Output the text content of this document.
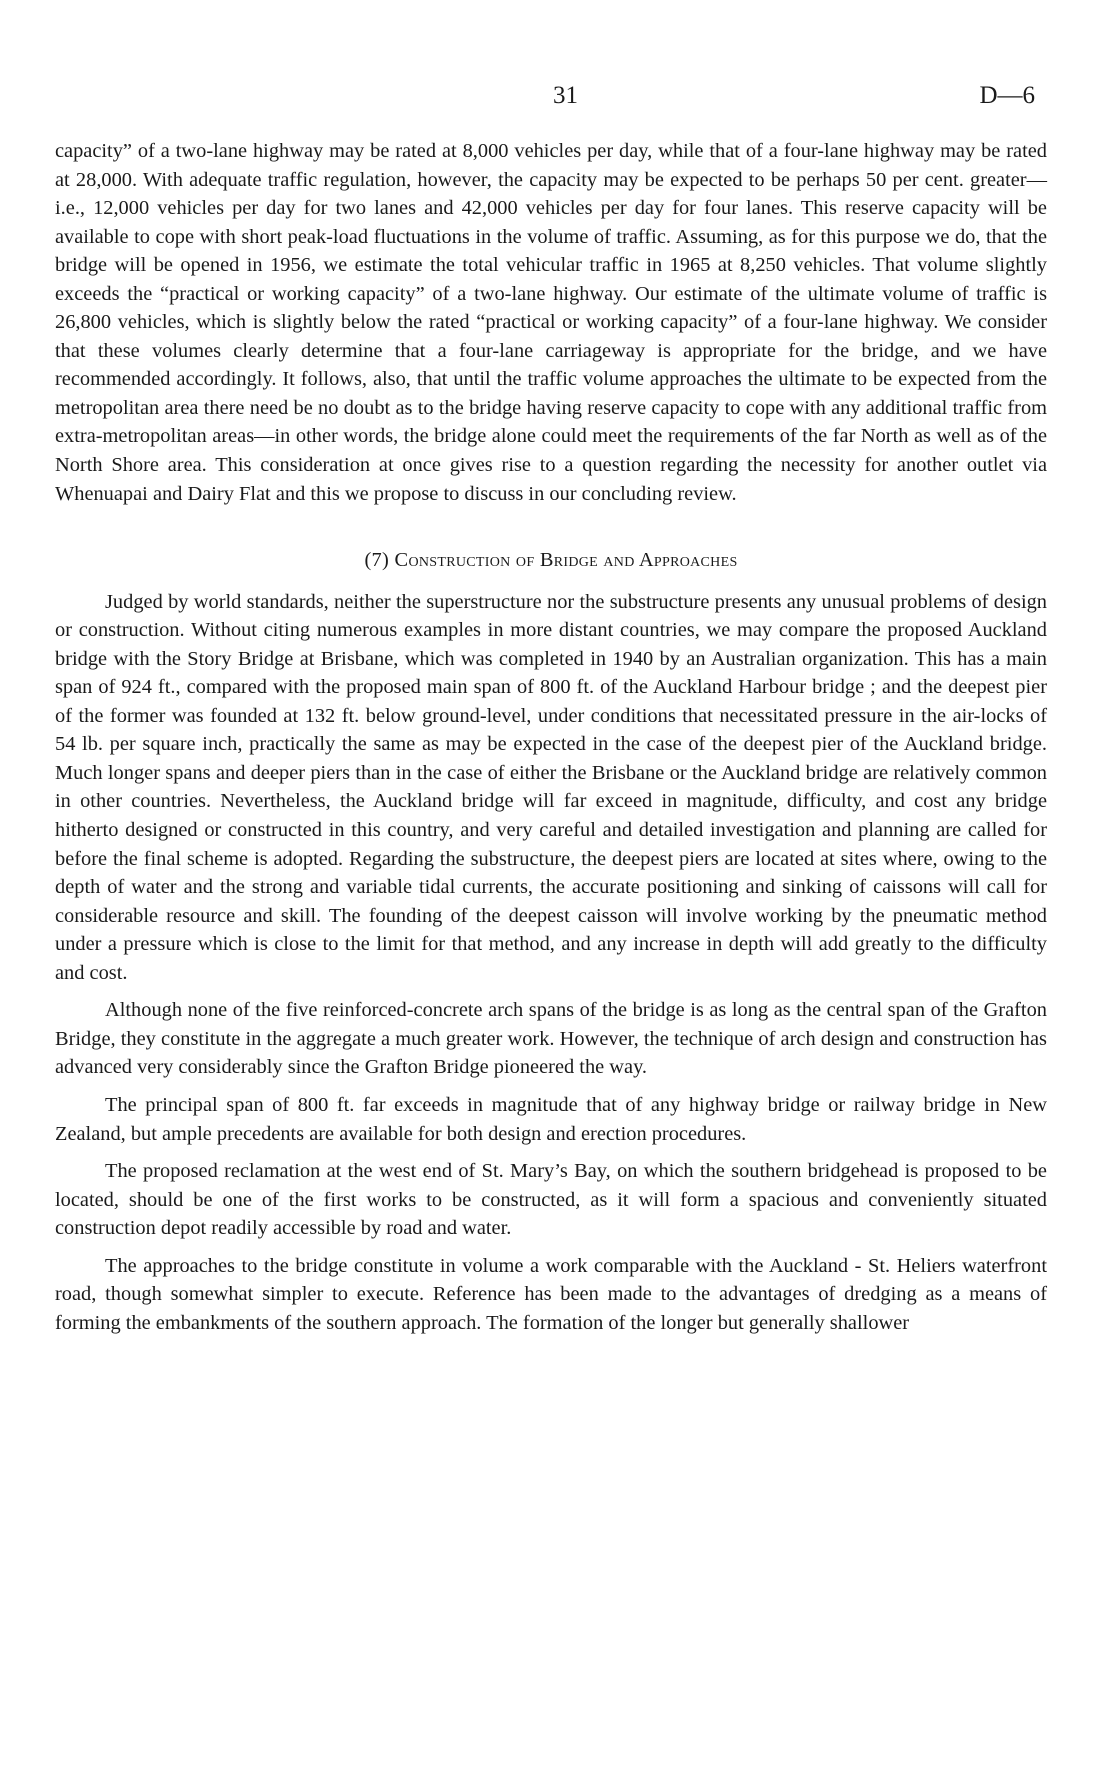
31	D—6

capacity” of a two-lane highway may be rated at 8,000 vehicles per day, while that of a four-lane highway may be rated at 28,000. With adequate traffic regulation, however, the capacity may be expected to be perhaps 50 per cent. greater—i.e., 12,000 vehicles per day for two lanes and 42,000 vehicles per day for four lanes. This reserve capacity will be available to cope with short peak-load fluctuations in the volume of traffic. Assuming, as for this purpose we do, that the bridge will be opened in 1956, we estimate the total vehicular traffic in 1965 at 8,250 vehicles. That volume slightly exceeds the “practical or working capacity” of a two-lane highway. Our estimate of the ultimate volume of traffic is 26,800 vehicles, which is slightly below the rated “practical or working capacity” of a four-lane highway. We consider that these volumes clearly determine that a four-lane carriageway is appropriate for the bridge, and we have recommended accordingly. It follows, also, that until the traffic volume approaches the ultimate to be expected from the metropolitan area there need be no doubt as to the bridge having reserve capacity to cope with any additional traffic from extra-metropolitan areas—in other words, the bridge alone could meet the requirements of the far North as well as of the North Shore area. This consideration at once gives rise to a question regarding the necessity for another outlet via Whenuapai and Dairy Flat and this we propose to discuss in our concluding review.

(7) Construction of Bridge and Approaches

Judged by world standards, neither the superstructure nor the substructure presents any unusual problems of design or construction. Without citing numerous examples in more distant countries, we may compare the proposed Auckland bridge with the Story Bridge at Brisbane, which was completed in 1940 by an Australian organization. This has a main span of 924 ft., compared with the proposed main span of 800 ft. of the Auckland Harbour bridge ; and the deepest pier of the former was founded at 132 ft. below ground-level, under conditions that necessitated pressure in the air-locks of 54 lb. per square inch, practically the same as may be expected in the case of the deepest pier of the Auckland bridge. Much longer spans and deeper piers than in the case of either the Brisbane or the Auckland bridge are relatively common in other countries. Nevertheless, the Auckland bridge will far exceed in magnitude, difficulty, and cost any bridge hitherto designed or constructed in this country, and very careful and detailed investigation and planning are called for before the final scheme is adopted. Regarding the substructure, the deepest piers are located at sites where, owing to the depth of water and the strong and variable tidal currents, the accurate positioning and sinking of caissons will call for considerable resource and skill. The founding of the deepest caisson will involve working by the pneumatic method under a pressure which is close to the limit for that method, and any increase in depth will add greatly to the difficulty and cost.

Although none of the five reinforced-concrete arch spans of the bridge is as long as the central span of the Grafton Bridge, they constitute in the aggregate a much greater work. However, the technique of arch design and construction has advanced very considerably since the Grafton Bridge pioneered the way.

The principal span of 800 ft. far exceeds in magnitude that of any highway bridge or railway bridge in New Zealand, but ample precedents are available for both design and erection procedures.

The proposed reclamation at the west end of St. Mary’s Bay, on which the southern bridgehead is proposed to be located, should be one of the first works to be constructed, as it will form a spacious and conveniently situated construction depot readily accessible by road and water.

The approaches to the bridge constitute in volume a work comparable with the Auckland - St. Heliers waterfront road, though somewhat simpler to execute. Reference has been made to the advantages of dredging as a means of forming the embankments of the southern approach. The formation of the longer but generally shallower
